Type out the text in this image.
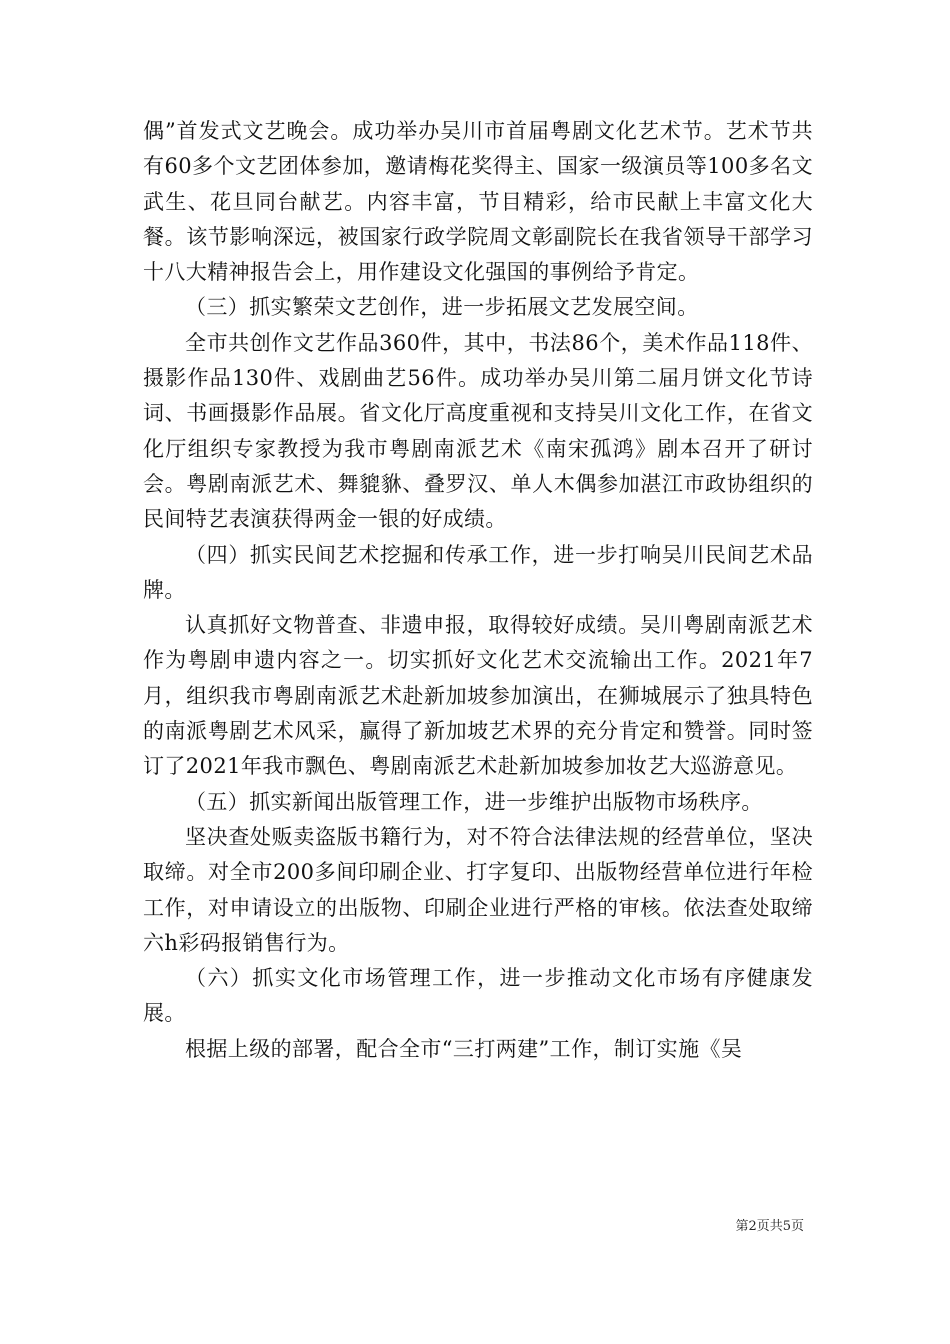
偶”首发式文艺晚会。成功举办吴川市首届粤剧文化艺术节。艺术节共有60多个文艺团体参加，邀请梅花奖得主、国家一级演员等100多名文武生、花旦同台献艺。内容丰富，节目精彩，给市民献上丰富文化大餐。该节影响深远，被国家行政学院周文彰副院长在我省领导干部学习十八大精神报告会上，用作建设文化强国的事例给予肯定。

（三）抓实繁荣文艺创作，进一步拓展文艺发展空间。

全市共创作文艺作品360件，其中，书法86个，美术作品118件、摄影作品130件、戏剧曲艺56件。成功举办吴川第二届月饼文化节诗词、书画摄影作品展。省文化厅高度重视和支持吴川文化工作，在省文化厅组织专家教授为我市粤剧南派艺术《南宋孤鸿》剧本召开了研讨会。粤剧南派艺术、舞貔貅、叠罗汉、单人木偶参加湛江市政协组织的民间特艺表演获得两金一银的好成绩。

（四）抓实民间艺术挖掘和传承工作，进一步打响吴川民间艺术品牌。

认真抓好文物普查、非遗申报，取得较好成绩。吴川粤剧南派艺术作为粤剧申遗内容之一。切实抓好文化艺术交流输出工作。2021年7月，组织我市粤剧南派艺术赴新加坡参加演出，在狮城展示了独具特色的南派粤剧艺术风采，赢得了新加坡艺术界的充分肯定和赞誉。同时签订了2021年我市飘色、粤剧南派艺术赴新加坡参加妆艺大巡游意见。

（五）抓实新闻出版管理工作，进一步维护出版物市场秩序。

坚决查处贩卖盗版书籍行为，对不符合法律法规的经营单位，坚决取缔。对全市200多间印刷企业、打字复印、出版物经营单位进行年检工作，对申请设立的出版物、印刷企业进行严格的审核。依法查处取缔六h彩码报销售行为。

（六）抓实文化市场管理工作，进一步推动文化市场有序健康发展。

根据上级的部署，配合全市“三打两建”工作，制订实施《吴

第2页共5页
